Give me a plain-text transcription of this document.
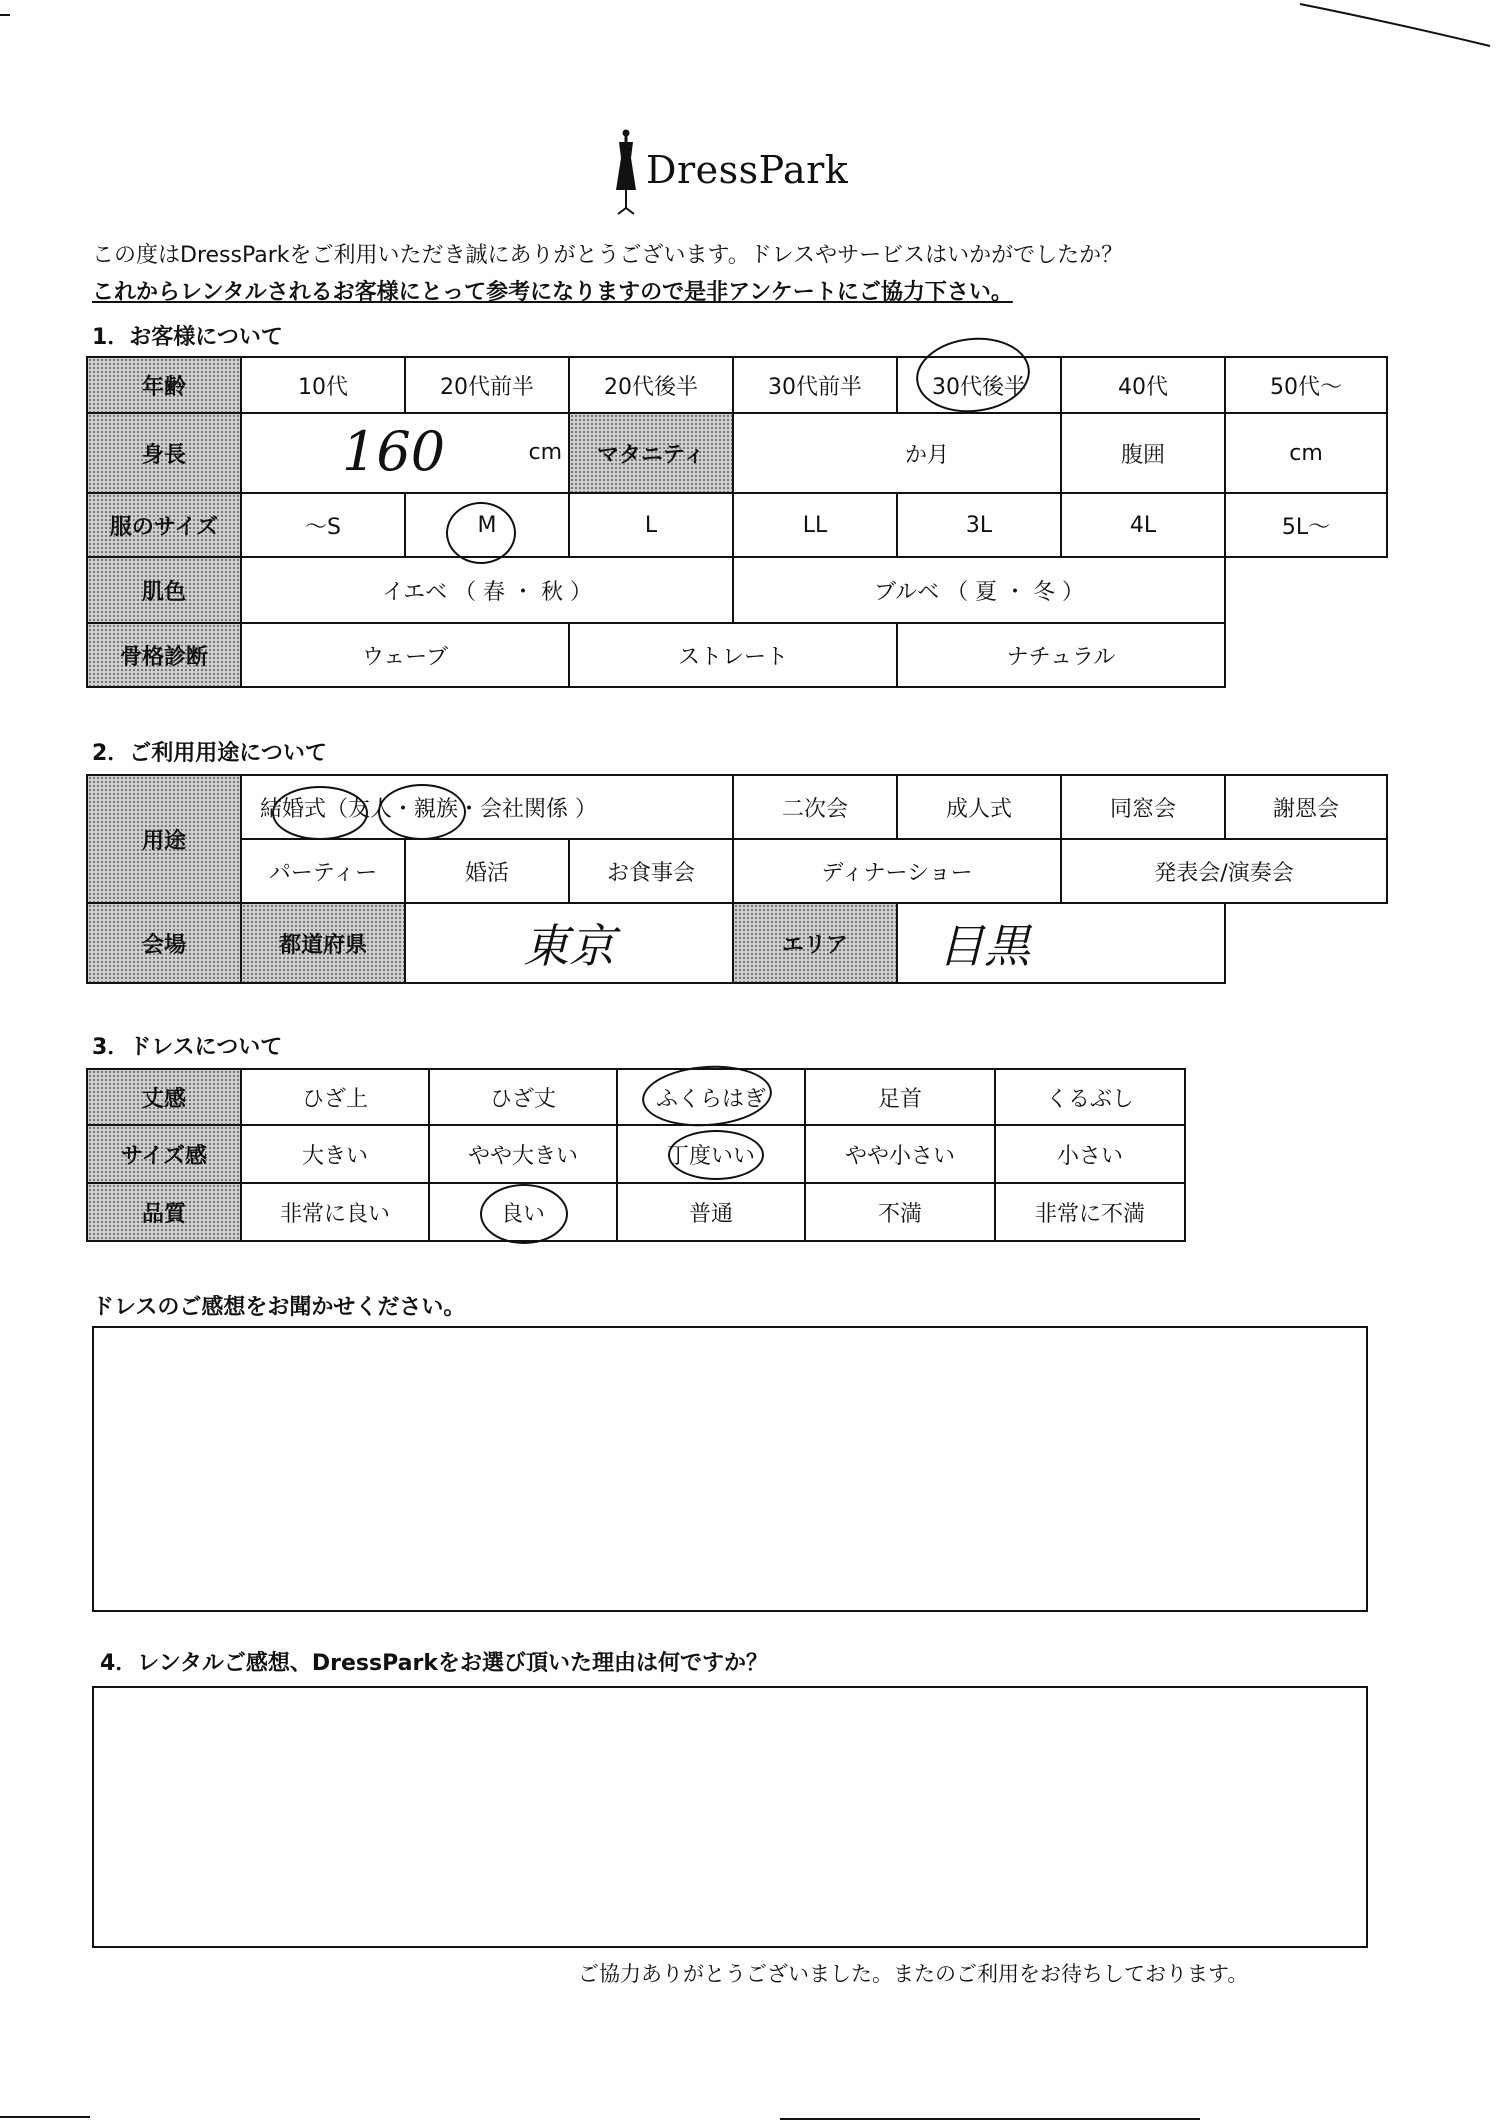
DressPark
この度はDressParkをご利用いただき誠にありがとうございます。ドレスやサービスはいかがでしたか？
これからレンタルされるお客様にとって参考になりますので是非アンケートにご協力下さい。
1．お客様について
年齢	10代	20代前半	20代後半	30代前半	30代後半	40代	50代～
身長	160 cm		マタニティ	か月		腹囲	cm
服のサイズ	～S	M	L	LL	3L	4L	5L～
肌色	イエベ （ 春 ・ 秋 ）			ブルベ （ 夏 ・ 冬 ）			
骨格診断	ウェーブ		ストレート		ナチュラル		
2．ご利用用途について
用途	結婚式（友人・親族・会社関係 ）			二次会	成人式	同窓会	謝恩会
	パーティー	婚活	お食事会	ディナーショー		発表会/演奏会	
会場	都道府県	東京		エリア	目黒		
3．ドレスについて
丈感	ひざ上	ひざ丈	ふくらはぎ	足首	くるぶし
サイズ感	大きい	やや大きい	丁度いい	やや小さい	小さい
品質	非常に良い	良い	普通	不満	非常に不満
ドレスのご感想をお聞かせください。
4．レンタルご感想、DressParkをお選び頂いた理由は何ですか？
ご協力ありがとうございました。またのご利用をお待ちしております。
